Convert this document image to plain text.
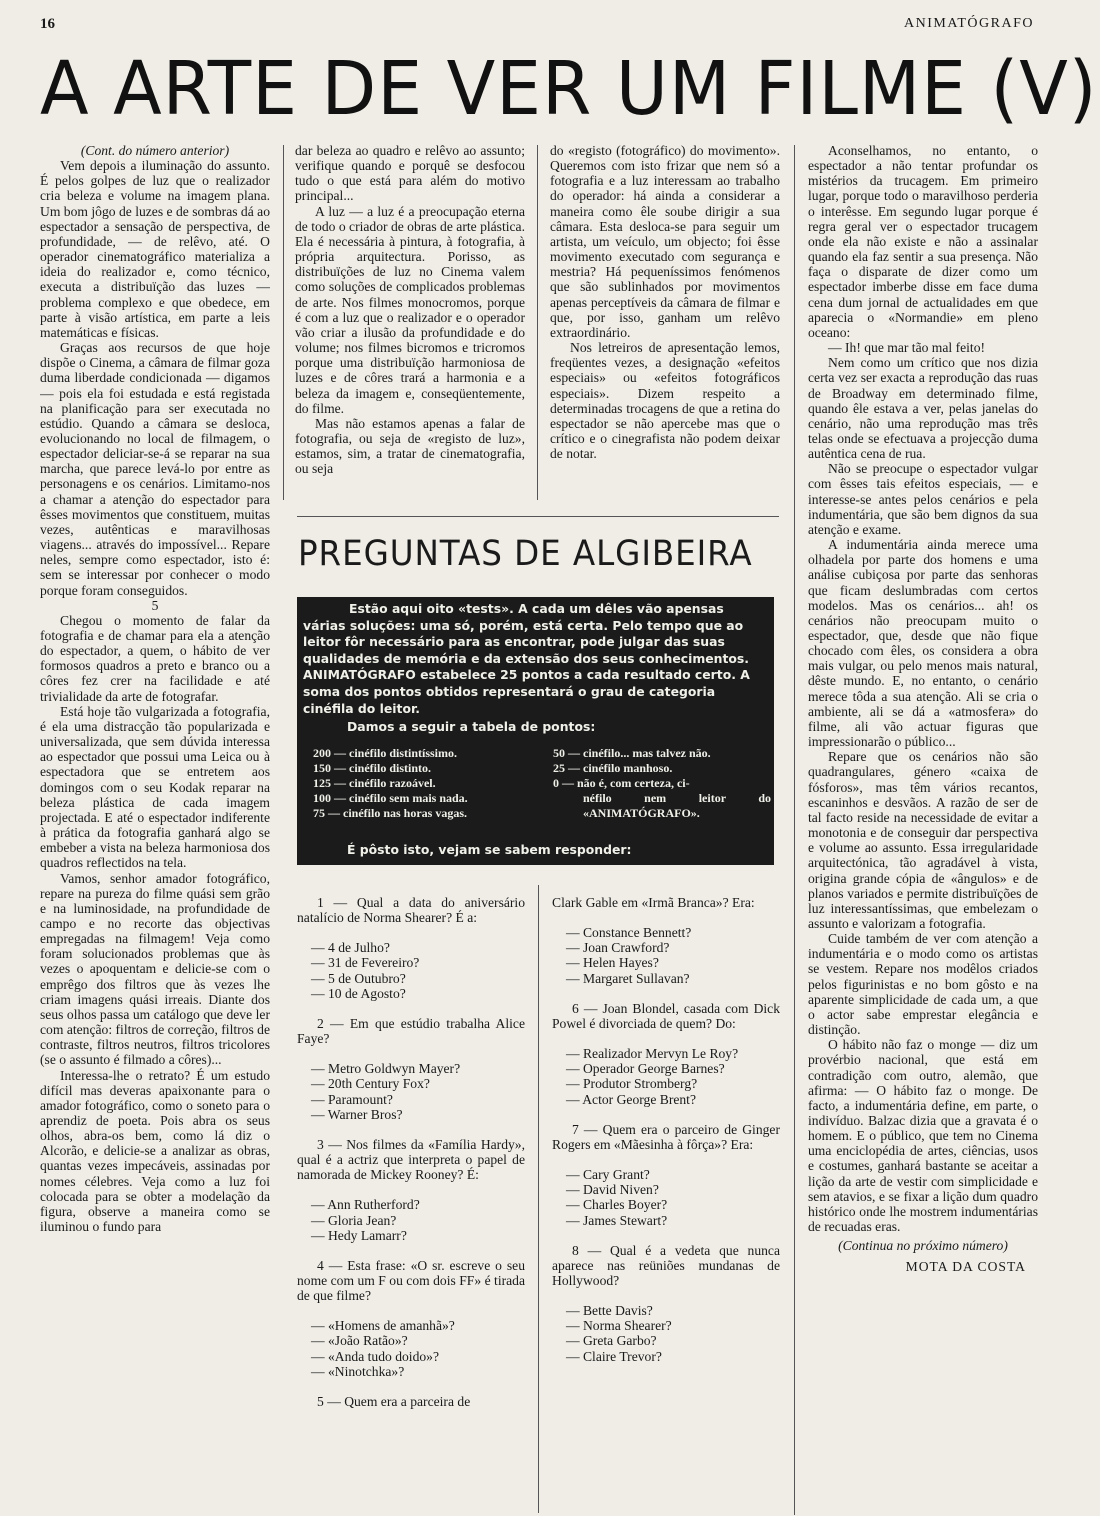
16	ANIMATÓGRAFO
A ARTE DE VER UM FILME (V)

(Cont. do número anterior)

Vem depois a iluminação do assunto. É pelos golpes de luz que o realizador cria beleza e volume na imagem plana. Um bom jôgo de luzes e de sombras dá ao espectador a sensação de perspectiva, de profundidade, — de relêvo, até. O operador cinematográfico materializa a ideia do realizador e, como técnico, executa a distribuïção das luzes — problema complexo e que obedece, em parte à visão artística, em parte a leis matemáticas e físicas.

Graças aos recursos de que hoje dispõe o Cinema, a câmara de filmar goza duma liberdade condicionada — digamos — pois ela foi estudada e está registada na planificação para ser executada no estúdio. Quando a câmara se desloca, evolucionando no local de filmagem, o espectador deliciar-se-á se reparar na sua marcha, que parece levá-lo por entre as personagens e os cenários. Limitamo-nos a chamar a atenção do espectador para êsses movimentos que constituem, muitas vezes, autênticas e maravilhosas viagens... através do impossível... Repare neles, sempre como espectador, isto é: sem se interessar por conhecer o modo porque foram conseguidos.

5

Chegou o momento de falar da fotografia e de chamar para ela a atenção do espectador, a quem, o hábito de ver formosos quadros a preto e branco ou a côres fez crer na facilidade e até trivialidade da arte de fotografar.

Está hoje tão vulgarizada a fotografia, é ela uma distracção tão popularizada e universalizada, que sem dúvida interessa ao espectador que possui uma Leica ou à espectadora que se entretem aos domingos com o seu Kodak reparar na beleza plástica de cada imagem projectada. E até o espectador indiferente à prática da fotografia ganhará algo se embeber a vista na beleza harmoniosa dos quadros reflectidos na tela.

Vamos, senhor amador fotográfico, repare na pureza do filme quási sem grão e na luminosidade, na profundidade de campo e no recorte das objectivas empregadas na filmagem! Veja como foram solucionados problemas que às vezes o apoquentam e delicie-se com o emprêgo dos filtros que às vezes lhe criam imagens quási irreais. Diante dos seus olhos passa um catálogo que deve ler com atenção: filtros de correção, filtros de contraste, filtros neutros, filtros tricolores (se o assunto é filmado a côres)...

Interessa-lhe o retrato? É um estudo difícil mas deveras apaixonante para o amador fotográfico, como o soneto para o aprendiz de poeta. Pois abra os seus olhos, abra-os bem, como lá diz o Alcorão, e delicie-se a analizar as obras, quantas vezes impecáveis, assinadas por nomes célebres. Veja como a luz foi colocada para se obter a modelação da figura, observe a maneira como se iluminou o fundo para

dar beleza ao quadro e relêvo ao assunto; verifique quando e porquê se desfocou tudo o que está para além do motivo principal...

A luz — a luz é a preocupação eterna de todo o criador de obras de arte plástica. Ela é necessária à pintura, à fotografia, à própria arquitectura. Porisso, as distribuïções de luz no Cinema valem como soluções de complicados problemas de arte. Nos filmes monocromos, porque é com a luz que o realizador e o operador vão criar a ilusão da profundidade e do volume; nos filmes bicromos e tricromos porque uma distribuïção harmoniosa de luzes e de côres trará a harmonia e a beleza da imagem e, conseqüentemente, do filme.

Mas não estamos apenas a falar de fotografia, ou seja de «registo de luz», estamos, sim, a tratar de cinematografia, ou seja

do «registo (fotográfico) do movimento». Queremos com isto frizar que nem só a fotografia e a luz interessam ao trabalho do operador: há ainda a considerar a maneira como êle soube dirigir a sua câmara. Esta desloca-se para seguir um artista, um veículo, um objecto; foi êsse movimento executado com segurança e mestria? Há pequeníssimos fenómenos que são sublinhados por movimentos apenas perceptíveis da câmara de filmar e que, por isso, ganham um relêvo extraordinário.

Nos letreiros de apresentação lemos, freqüentes vezes, a designação «efeitos especiais» ou «efeitos fotográficos especiais». Dizem respeito a determinadas trocagens de que a retina do espectador se não apercebe mas que o crítico e o cinegrafista não podem deixar de notar.

Aconselhamos, no entanto, o espectador a não tentar profundar os mistérios da trucagem. Em primeiro lugar, porque todo o maravilhoso perderia o interêsse. Em segundo lugar porque é regra geral ver o espectador trucagem onde ela não existe e não a assinalar quando ela faz sentir a sua presença. Não faça o disparate de dizer como um espectador imberbe disse em face duma cena dum jornal de actualidades em que aparecia o «Normandie» em pleno oceano:

— Ih! que mar tão mal feito!

Nem como um crítico que nos dizia certa vez ser exacta a reprodução das ruas de Broadway em determinado filme, quando êle estava a ver, pelas janelas do cenário, não uma reprodução mas três telas onde se efectuava a projecção duma autêntica cena de rua.

Não se preocupe o espectador vulgar com êsses tais efeitos especiais, — e interesse-se antes pelos cenários e pela indumentária, que são bem dignos da sua atenção e exame.

A indumentária ainda merece uma olhadela por parte dos homens e uma análise cubiçosa por parte das senhoras que ficam deslumbradas com certos modelos. Mas os cenários... ah! os cenários não preocupam muito o espectador, que, desde que não fique chocado com êles, os considera a obra mais vulgar, ou pelo menos mais natural, dêste mundo. E, no entanto, o cenário merece tôda a sua atenção. Ali se cria o ambiente, ali se dá a «atmosfera» do filme, ali vão actuar figuras que impressionarão o público...

Repare que os cenários não são quadrangulares, género «caixa de fósforos», mas têm vários recantos, escaninhos e desvãos. A razão de ser de tal facto reside na necessidade de evitar a monotonia e de conseguir dar perspectiva e volume ao assunto. Essa irregularidade arquitectónica, tão agradável à vista, origina grande cópia de «ângulos» e de planos variados e permite distribuïções de luz interessantíssimas, que embelezam o assunto e valorizam a fotografia.

Cuide também de ver com atenção a indumentária e o modo como os artistas se vestem. Repare nos modêlos criados pelos figurinistas e no bom gôsto e na aparente simplicidade de cada um, a que o actor sabe emprestar elegância e distinção.

O hábito não faz o monge — diz um provérbio nacional, que está em contradição com outro, alemão, que afirma: — O hábito faz o monge. De facto, a indumentária define, em parte, o indivíduo. Balzac dizia que a gravata é o homem. E o público, que tem no Cinema uma enciclopédia de artes, ciências, usos e costumes, ganhará bastante se aceitar a lição da arte de vestir com simplicidade e sem atavios, e se fixar a lição dum quadro histórico onde lhe mostrem indumentárias de recuadas eras.

(Continua no próximo número)

MOTA DA COSTA

PREGUNTAS DE ALGIBEIRA

Estão aqui oito «tests». A cada um dêles vão apensas várias soluções: uma só, porém, está certa. Pelo tempo que ao leitor fôr necessário para as encontrar, pode julgar das suas qualidades de memória e da extensão dos seus conhecimentos. ANIMATÓGRAFO estabelece 25 pontos a cada resultado certo. A soma dos pontos obtidos representará o grau de categoria cinéfila do leitor.

Damos a seguir a tabela de pontos:

200 — cinéfilo distintíssimo.
150 — cinéfilo distinto.
125 — cinéfilo razoável.
100 — cinéfilo sem mais nada.
75 — cinéfilo nas horas vagas.
50 — cinéfilo... mas talvez não.
25 — cinéfilo manhoso.
0 — não é, com certeza, ci-
néfilo nem leitor do «ANIMATÓGRAFO».

É pôsto isto, vejam se sabem responder:

1 — Qual a data do aniversário natalício de Norma Shearer? É a:

— 4 de Julho?

— 31 de Fevereiro?

— 5 de Outubro?

— 10 de Agosto?

2 — Em que estúdio trabalha Alice Faye?

— Metro Goldwyn Mayer?

— 20th Century Fox?

— Paramount?

— Warner Bros?

3 — Nos filmes da «Família Hardy», qual é a actriz que interpreta o papel de namorada de Mickey Rooney? É:

— Ann Rutherford?

— Gloria Jean?

— Hedy Lamarr?

4 — Esta frase: «O sr. escreve o seu nome com um F ou com dois FF» é tirada de que filme?

— «Homens de amanhã»?

— «João Ratão»?

— «Anda tudo doido»?

— «Ninotchka»?

5 — Quem era a parceira de

Clark Gable em «Irmã Branca»? Era:

— Constance Bennett?

— Joan Crawford?

— Helen Hayes?

— Margaret Sullavan?

6 — Joan Blondel, casada com Dick Powel é divorciada de quem? Do:

— Realizador Mervyn Le Roy?

— Operador George Barnes?

— Produtor Stromberg?

— Actor George Brent?

7 — Quem era o parceiro de Ginger Rogers em «Mãesinha à fôrça»? Era:

— Cary Grant?

— David Niven?

— Charles Boyer?

— James Stewart?

8 — Qual é a vedeta que nunca aparece nas reüniões mundanas de Hollywood?

— Bette Davis?

— Norma Shearer?

— Greta Garbo?

— Claire Trevor?
